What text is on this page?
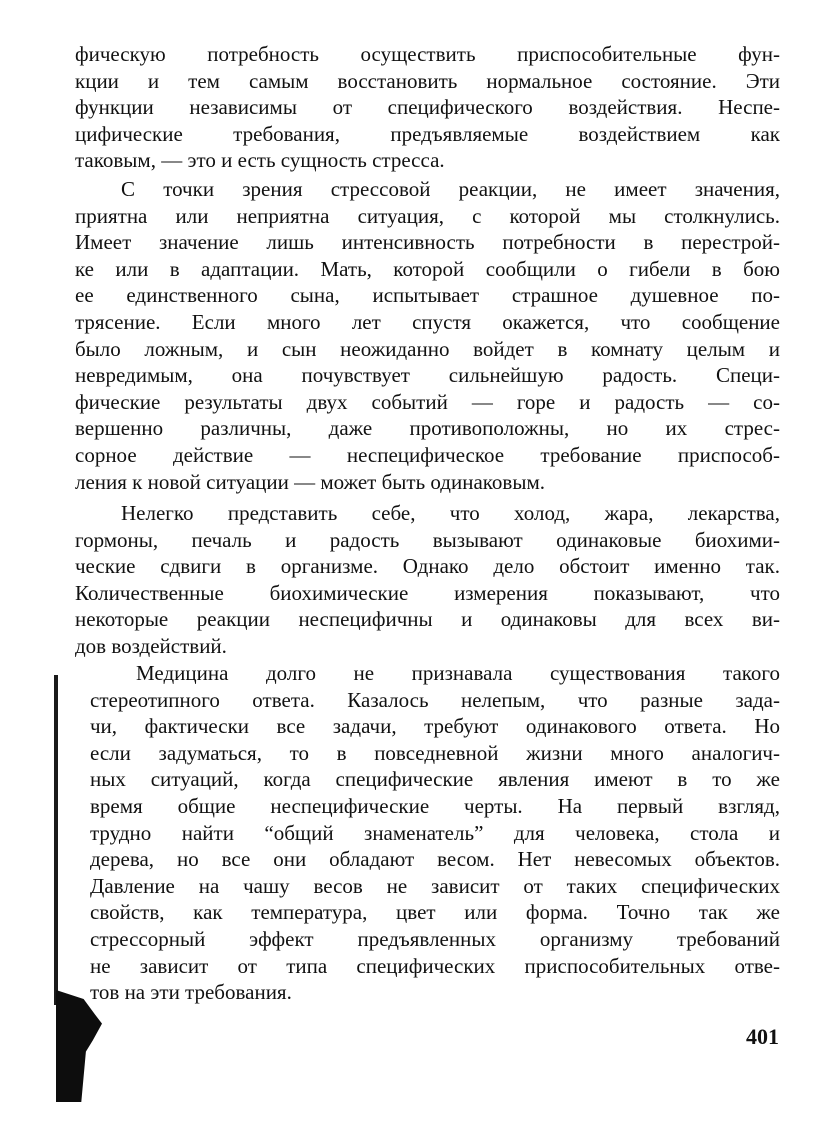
фическую потребность осуществить приспособительные фун-
кции и тем самым восстановить нормальное состояние. Эти
функции независимы от специфического воздействия. Неспе-
цифические требования, предъявляемые воздействием как
таковым, — это и есть сущность стресса.

С точки зрения стрессовой реакции, не имеет значения,
приятна или неприятна ситуация, с которой мы столкнулись.
Имеет значение лишь интенсивность потребности в перестрой-
ке или в адаптации. Мать, которой сообщили о гибели в бою
ее единственного сына, испытывает страшное душевное по-
трясение. Если много лет спустя окажется, что сообщение
было ложным, и сын неожиданно войдет в комнату целым и
невредимым, она почувствует сильнейшую радость. Специ-
фические результаты двух событий — горе и радость — со-
вершенно различны, даже противоположны, но их стрес-
сорное действие — неспецифическое требование приспособ-
ления к новой ситуации — может быть одинаковым.

Нелегко представить себе, что холод, жара, лекарства,
гормоны, печаль и радость вызывают одинаковые биохими-
ческие сдвиги в организме. Однако дело обстоит именно так.
Количественные биохимические измерения показывают, что
некоторые реакции неспецифичны и одинаковы для всех ви-
дов воздействий.

Медицина долго не признавала существования такого
стереотипного ответа. Казалось нелепым, что разные зада-
чи, фактически все задачи, требуют одинакового ответа. Но
если задуматься, то в повседневной жизни много аналогич-
ных ситуаций, когда специфические явления имеют в то же
время общие неспецифические черты. На первый взгляд,
трудно найти “общий знаменатель” для человека, стола и
дерева, но все они обладают весом. Нет невесомых объектов.
Давление на чашу весов не зависит от таких специфических
свойств, как температура, цвет или форма. Точно так же
стрессорный эффект предъявленных организму требований
не зависит от типа специфических приспособительных отве-
тов на эти требования.

401
